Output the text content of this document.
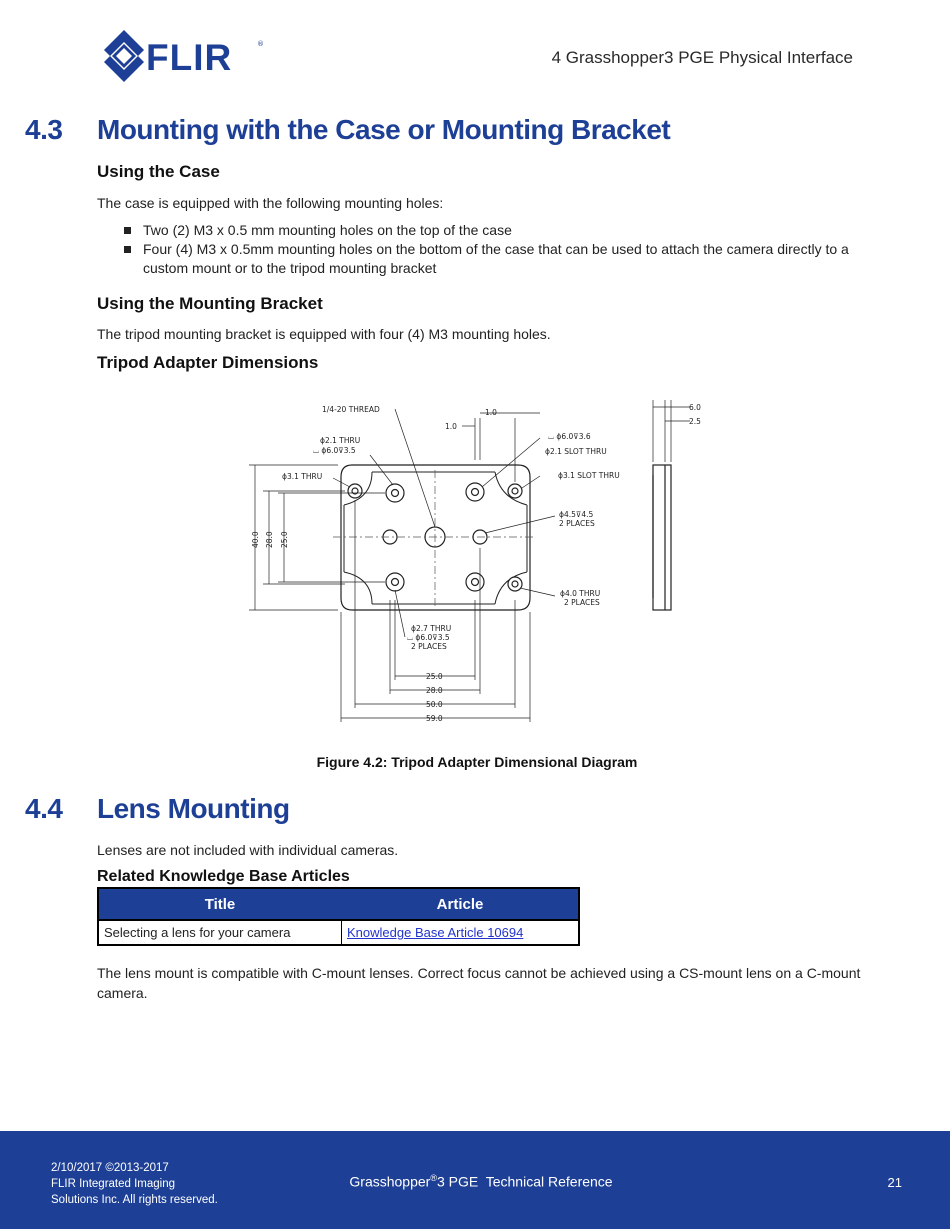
FLIR	®
4 Grasshopper3 PGE Physical Interface
4.3 Mounting with the Case or Mounting Bracket
Using the Case
The case is equipped with the following mounting holes:
Two (2) M3 x 0.5 mm mounting holes on the top of the case
Four (4) M3 x 0.5mm mounting holes on the bottom of the case that can be used to attach the camera directly to a custom mount or to the tripod mounting bracket
Using the Mounting Bracket
The tripod mounting bracket is equipped with four (4) M3 mounting holes.
Tripod Adapter Dimensions
1/4-20 THREAD
ϕ2.1 THRU
⌴ ϕ6.0⊽3.5
ϕ3.1 THRU
1.0
1.0
⌴ ϕ6.0⊽3.6
ϕ2.1 SLOT THRU
ϕ3.1 SLOT THRU
ϕ4.5⊽4.5
2 PLACES
ϕ4.0 THRU
2 PLACES
ϕ2.7 THRU
⌴ ϕ6.0⊽3.5
2 PLACES
25.0
28.0
50.0
59.0
6.0
2.5
40.0 28.0 25.0
Figure 4.2: Tripod Adapter Dimensional Diagram
4.4 Lens Mounting
Lenses are not included with individual cameras.
Related Knowledge Base Articles
Title	Article
Selecting a lens for your camera	Knowledge Base Article 10694
The lens mount is compatible with C-mount lenses. Correct focus cannot be achieved using a CS-mount lens on a C-mount camera.
2/10/2017 ©2013-2017
FLIR Integrated Imaging
Solutions Inc. All rights reserved.
Grasshopper®3 PGE  Technical Reference	21
